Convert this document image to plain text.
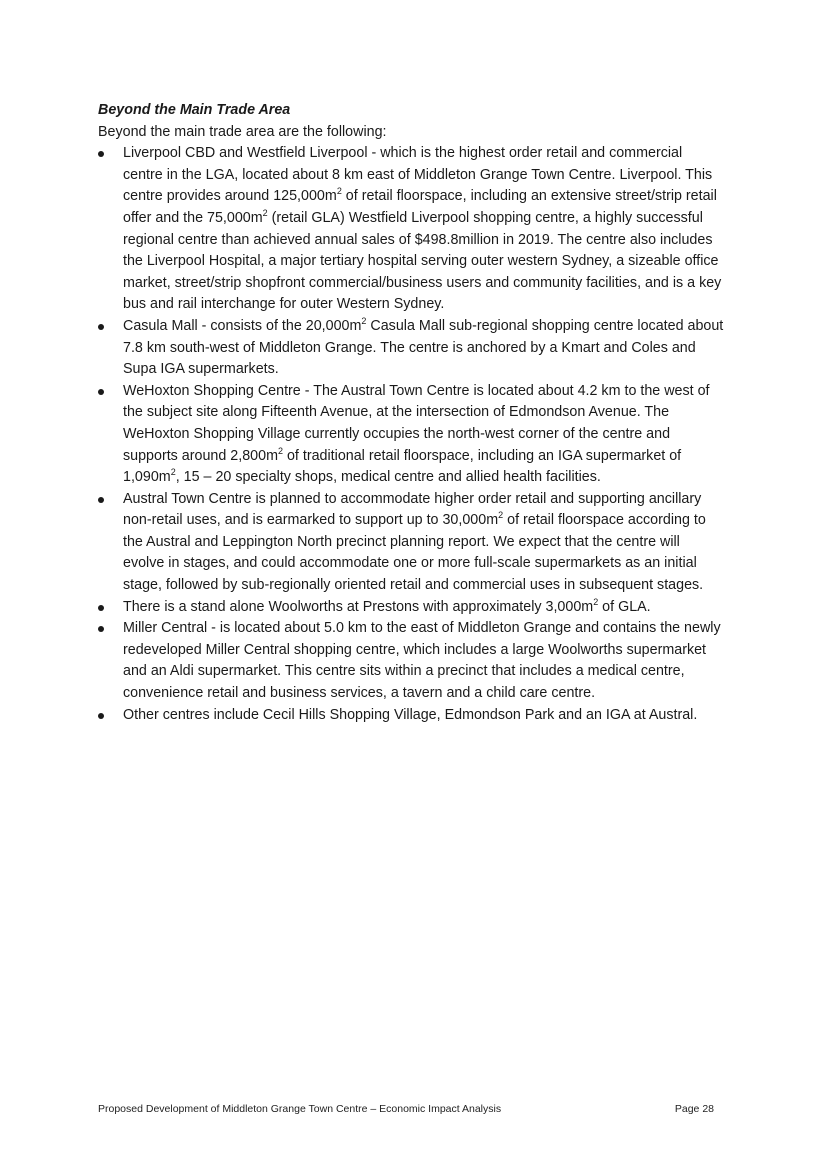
Beyond the Main Trade Area

Beyond the main trade area are the following:

Liverpool CBD and Westfield Liverpool - which is the highest order retail and commercial centre in the LGA, located about 8 km east of Middleton Grange Town Centre. Liverpool. This centre provides around $125,000m^2$ of retail floorspace, including an extensive street/strip retail offer and the $75,000m^2$ (retail GLA) Westfield Liverpool shopping centre, a highly successful regional centre than achieved annual sales of $498.8million in 2019. The centre also includes the Liverpool Hospital, a major tertiary hospital serving outer western Sydney, a sizeable office market, street/strip shopfront commercial/business users and community facilities, and is a key bus and rail interchange for outer Western Sydney.
Casula Mall - consists of the $20,000m^2$ Casula Mall sub-regional shopping centre located about 7.8 km south-west of Middleton Grange. The centre is anchored by a Kmart and Coles and Supa IGA supermarkets.
WeHoxton Shopping Centre - The Austral Town Centre is located about 4.2 km to the west of the subject site along Fifteenth Avenue, at the intersection of Edmondson Avenue. The WeHoxton Shopping Village currently occupies the north-west corner of the centre and supports around $2,800m^2$ of traditional retail floorspace, including an IGA supermarket of $1,090m^2$, 15 – 20 specialty shops, medical centre and allied health facilities.
Austral Town Centre is planned to accommodate higher order retail and supporting ancillary non-retail uses, and is earmarked to support up to $30,000m^2$ of retail floorspace according to the Austral and Leppington North precinct planning report. We expect that the centre will evolve in stages, and could accommodate one or more full-scale supermarkets as an initial stage, followed by sub-regionally oriented retail and commercial uses in subsequent stages.
There is a stand alone Woolworths at Prestons with approximately $3,000m^2$ of GLA.
Miller Central - is located about 5.0 km to the east of Middleton Grange and contains the newly redeveloped Miller Central shopping centre, which includes a large Woolworths supermarket and an Aldi supermarket. This centre sits within a precinct that includes a medical centre, convenience retail and business services, a tavern and a child care centre.
Other centres include Cecil Hills Shopping Village, Edmondson Park and an IGA at Austral.
Proposed Development of Middleton Grange Town Centre – Economic Impact Analysis	Page 28
